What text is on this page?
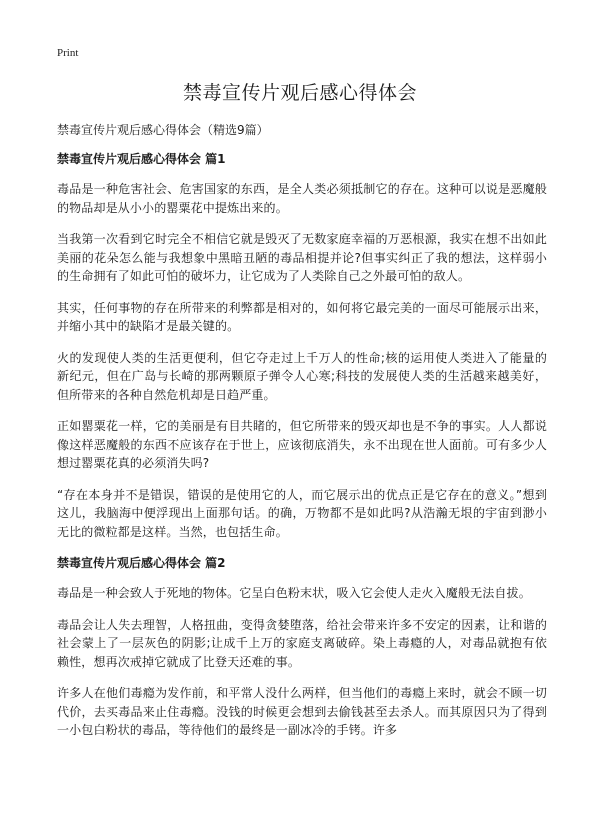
Print
禁毒宣传片观后感心得体会

禁毒宣传片观后感心得体会（精选9篇）

禁毒宣传片观后感心得体会 篇1

毒品是一种危害社会、危害国家的东西，是全人类必须抵制它的存在。这种可以说是恶魔般的物品却是从小小的罂粟花中提炼出来的。

当我第一次看到它时完全不相信它就是毁灭了无数家庭幸福的万恶根源，我实在想不出如此美丽的花朵怎么能与我想象中黑暗丑陋的毒品相提并论?但事实纠正了我的想法，这样弱小的生命拥有了如此可怕的破坏力，让它成为了人类除自己之外最可怕的敌人。

其实，任何事物的存在所带来的利弊都是相对的，如何将它最完美的一面尽可能展示出来，并缩小其中的缺陷才是最关键的。

火的发现使人类的生活更便利，但它夺走过上千万人的性命;核的运用使人类进入了能量的新纪元，但在广岛与长崎的那两颗原子弹令人心寒;科技的发展使人类的生活越来越美好，但所带来的各种自然危机却是日趋严重。

正如罂粟花一样，它的美丽是有目共睹的，但它所带来的毁灭却也是不争的事实。人人都说像这样恶魔般的东西不应该存在于世上，应该彻底消失，永不出现在世人面前。可有多少人想过罂粟花真的必须消失吗?

“存在本身并不是错误，错误的是使用它的人，而它展示出的优点正是它存在的意义。”想到这儿，我脑海中便浮现出上面那句话。的确，万物都不是如此吗?从浩瀚无垠的宇宙到渺小无比的微粒都是这样。当然，也包括生命。

禁毒宣传片观后感心得体会 篇2

毒品是一种会致人于死地的物体。它呈白色粉末状，吸入它会使人走火入魔般无法自拔。

毒品会让人失去理智，人格扭曲，变得贪婪堕落，给社会带来许多不安定的因素，让和谐的社会蒙上了一层灰色的阴影;让成千上万的家庭支离破碎。染上毒瘾的人，对毒品就抱有依赖性，想再次戒掉它就成了比登天还难的事。

许多人在他们毒瘾为发作前，和平常人没什么两样，但当他们的毒瘾上来时，就会不顾一切代价，去买毒品来止住毒瘾。没钱的时候更会想到去偷钱甚至去杀人。而其原因只为了得到一小包白粉状的毒品，等待他们的最终是一副冰冷的手铐。许多
